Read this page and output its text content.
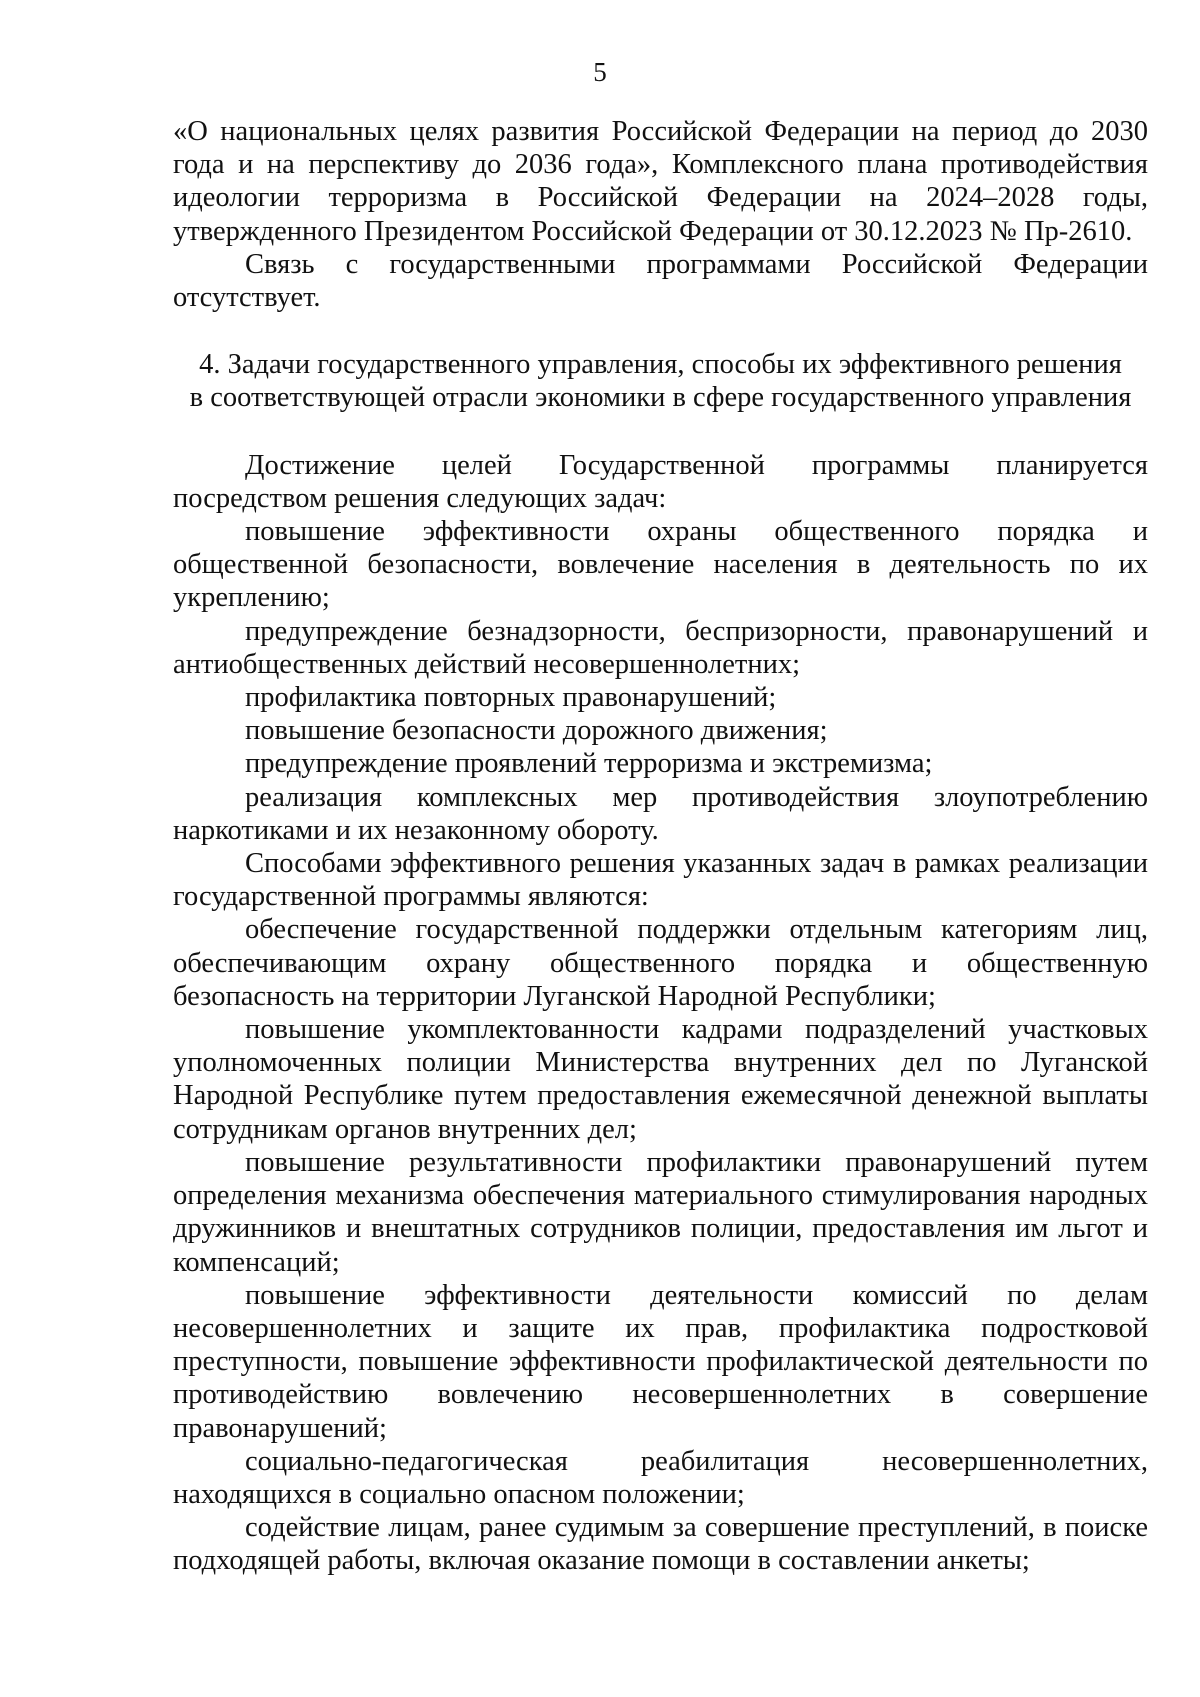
5

«О национальных целях развития Российской Федерации на период до 2030 года и на перспективу до 2036 года», Комплексного плана противодействия идеологии терроризма в Российской Федерации на 2024–2028 годы, утвержденного Президентом Российской Федерации от 30.12.2023 № Пр-2610.

Связь с государственными программами Российской Федерации отсутствует.

4. Задачи государственного управления, способы их эффективного решения
в соответствующей отрасли экономики в сфере государственного управления

Достижение целей Государственной программы планируется посредством решения следующих задач:

повышение эффективности охраны общественного порядка и общественной безопасности, вовлечение населения в деятельность по их укреплению;

предупреждение безнадзорности, беспризорности, правонарушений и антиобщественных действий несовершеннолетних;

профилактика повторных правонарушений;

повышение безопасности дорожного движения;

предупреждение проявлений терроризма и экстремизма;

реализация комплексных мер противодействия злоупотреблению наркотиками и их незаконному обороту.

Способами эффективного решения указанных задач в рамках реализации государственной программы являются:

обеспечение государственной поддержки отдельным категориям лиц, обеспечивающим охрану общественного порядка и общественную безопасность на территории Луганской Народной Республики;

повышение укомплектованности кадрами подразделений участковых уполномоченных полиции Министерства внутренних дел по Луганской Народной Республике путем предоставления ежемесячной денежной выплаты сотрудникам органов внутренних дел;

повышение результативности профилактики правонарушений путем определения механизма обеспечения материального стимулирования народных дружинников и внештатных сотрудников полиции, предоставления им льгот и компенсаций;

повышение эффективности деятельности комиссий по делам несовершеннолетних и защите их прав, профилактика подростковой преступности, повышение эффективности профилактической деятельности по противодействию вовлечению несовершеннолетних в совершение правонарушений;

социально-педагогическая реабилитация несовершеннолетних, находящихся в социально опасном положении;

содействие лицам, ранее судимым за совершение преступлений, в поиске подходящей работы, включая оказание помощи в составлении анкеты;
